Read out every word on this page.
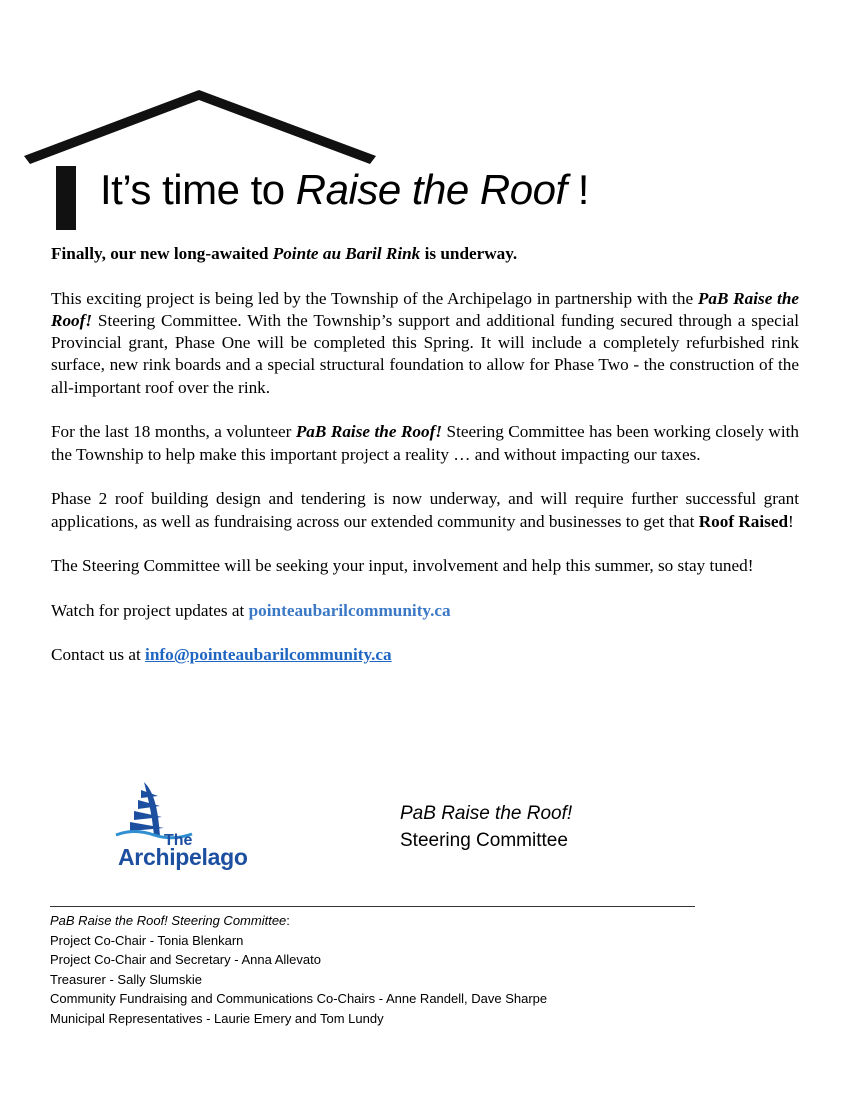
It’s time to Raise the Roof !

Finally, our new long-awaited Pointe au Baril Rink is underway.

This exciting project is being led by the Township of the Archipelago in partnership with the PaB Raise the Roof! Steering Committee. With the Township’s support and additional funding secured through a special Provincial grant, Phase One will be completed this Spring. It will include a completely refurbished rink surface, new rink boards and a special structural foundation to allow for Phase Two - the construction of the all-important roof over the rink.

For the last 18 months, a volunteer PaB Raise the Roof! Steering Committee has been working closely with the Township to help make this important project a reality … and without impacting our taxes.

Phase 2 roof building design and tendering is now underway, and will require further successful grant applications, as well as fundraising across our extended community and businesses to get that Roof Raised!

The Steering Committee will be seeking your input, involvement and help this summer, so stay tuned!

Watch for project updates at pointeaubarilcommunity.ca

Contact us at info@pointeaubarilcommunity.ca

The
Archipelago
PaB Raise the Roof!
Steering Committee
PaB Raise the Roof! Steering Committee:
Project Co-Chair - Tonia Blenkarn
Project Co-Chair and Secretary - Anna Allevato
Treasurer - Sally Slumskie
Community Fundraising and Communications Co-Chairs - Anne Randell, Dave Sharpe
Municipal Representatives - Laurie Emery and Tom Lundy
